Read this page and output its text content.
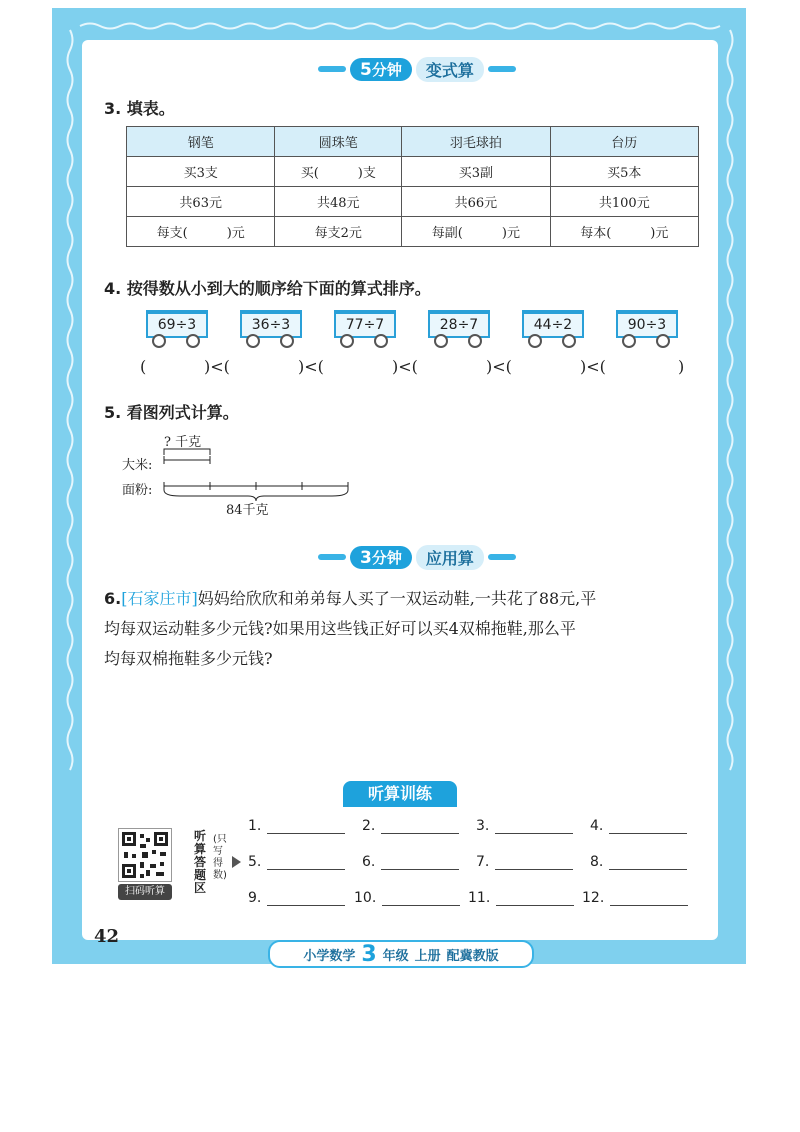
5分钟	变式算
3. 填表。
钢笔	圆珠笔	羽毛球拍	台历
买3支	买(　　　)支	买3副	买5本
共63元	共48元	共66元	共100元
每支(　　　)元	每支2元	每副(　　　)元	每本(　　　)元
4. 按得数从小到大的顺序给下面的算式排序。
69÷3	36÷3	77÷7	28÷7	44÷2	90÷3
(	)<(	)<(	)<(	)<(	)<(	)
5. 看图列式计算。
? 千克
大米:
面粉:
84千克
3分钟	应用算
6.[石家庄市]妈妈给欣欣和弟弟每人买了一双运动鞋,一共花了88元,平
均每双运动鞋多少元钱?如果用这些钱正好可以买4双棉拖鞋,那么平
均每双棉拖鞋多少元钱?
听算训练
扫码听算
听算答题区
(只写得数)
1.	2.	3.	4.
5.	6.	7.	8.
9.	10.	11.	12.
42
小学数学 3 年级 上册 配冀教版
